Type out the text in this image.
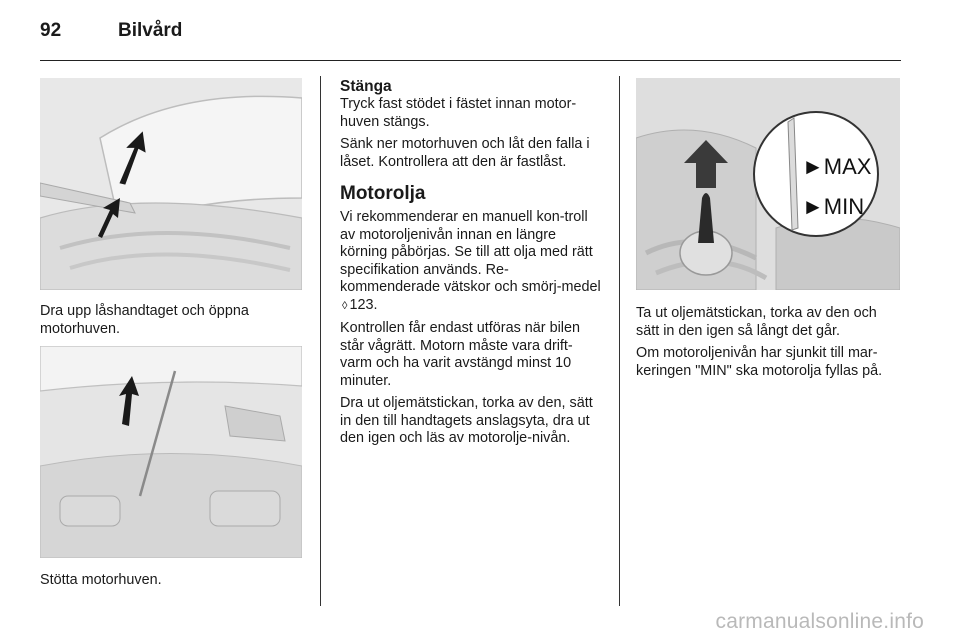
92	Bilvård
Dra upp låshandtaget och öppna motorhuven.
Stötta motorhuven.
Stänga

Tryck fast stödet i fästet innan motor-huven stängs.

Sänk ner motorhuven och låt den falla i låset. Kontrollera att den är fastlåst.

Motorolja

Vi rekommenderar en manuell kon-troll av motoroljenivån innan en längre körning påbörjas. Se till att olja med rätt specifikation används. Re-kommenderade vätskor och smörj-medel ◊ 123.

Kontrollen får endast utföras när bilen står vågrätt. Motorn måste vara drift-varm och ha varit avstängd minst 10 minuter.

Dra ut oljemätstickan, torka av den, sätt in den till handtagets anslagsyta, dra ut den igen och läs av motorolje-nivån.

►MAX
►MIN

Ta ut oljemätstickan, torka av den och sätt in den igen så långt det går.

Om motoroljenivån har sjunkit till mar-keringen "MIN" ska motorolja fyllas på.

carmanualsonline.info
